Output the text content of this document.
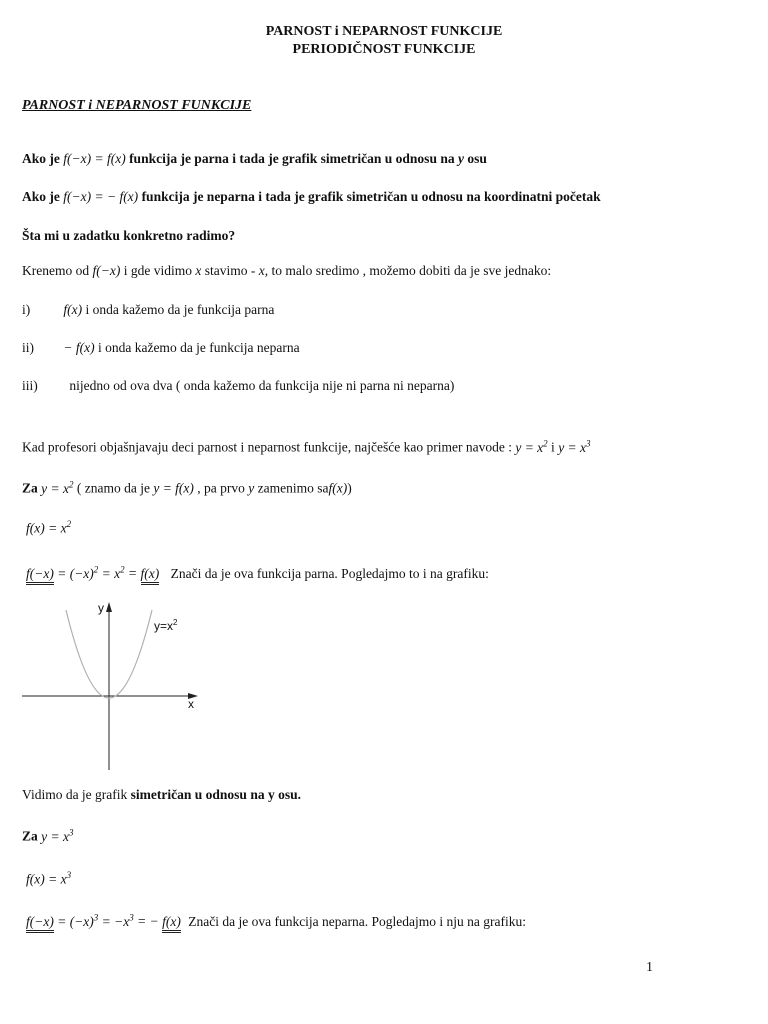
PARNOST i NEPARNOST FUNKCIJE
PERIODIČNOST FUNKCIJE
PARNOST i NEPARNOST FUNKCIJE
Ako je f(−x) = f(x) funkcija je parna i tada je grafik simetričan u odnosu na y osu
Ako je f(−x) = − f(x) funkcija je neparna i tada je grafik simetričan u odnosu na koordinatni početak
Šta mi u zadatku konkretno radimo?
Krenemo od f(−x) i gde vidimo x stavimo - x, to malo sredimo , možemo dobiti da je sve jednako:
i) f(x) i onda kažemo da je funkcija parna
ii) − f(x) i onda kažemo da je funkcija neparna
iii) nijedno od ova dva ( onda kažemo da funkcija nije ni parna ni neparna)
Kad profesori objašnjavaju deci parnost i neparnost funkcije, najčešće kao primer navode : $y = x^2$ i $y = x^3$
Za $y = x^2$ ( znamo da je y = f(x) , pa prvo y zamenimo saf(x))
$f(x) = x^2$
$f(-x) = (-x)^2 = x^2 = f(x)$ Znači da je ova funkcija parna. Pogledajmo to i na grafiku:
y
x
$y=x^2$
Vidimo da je grafik simetričan u odnosu na y osu.
Za $y = x^3$
$f(x) = x^3$
$f(-x) = (-x)^3 = -x^3$ = − f(x) Znači da je ova funkcija neparna. Pogledajmo i nju na grafiku:
1
